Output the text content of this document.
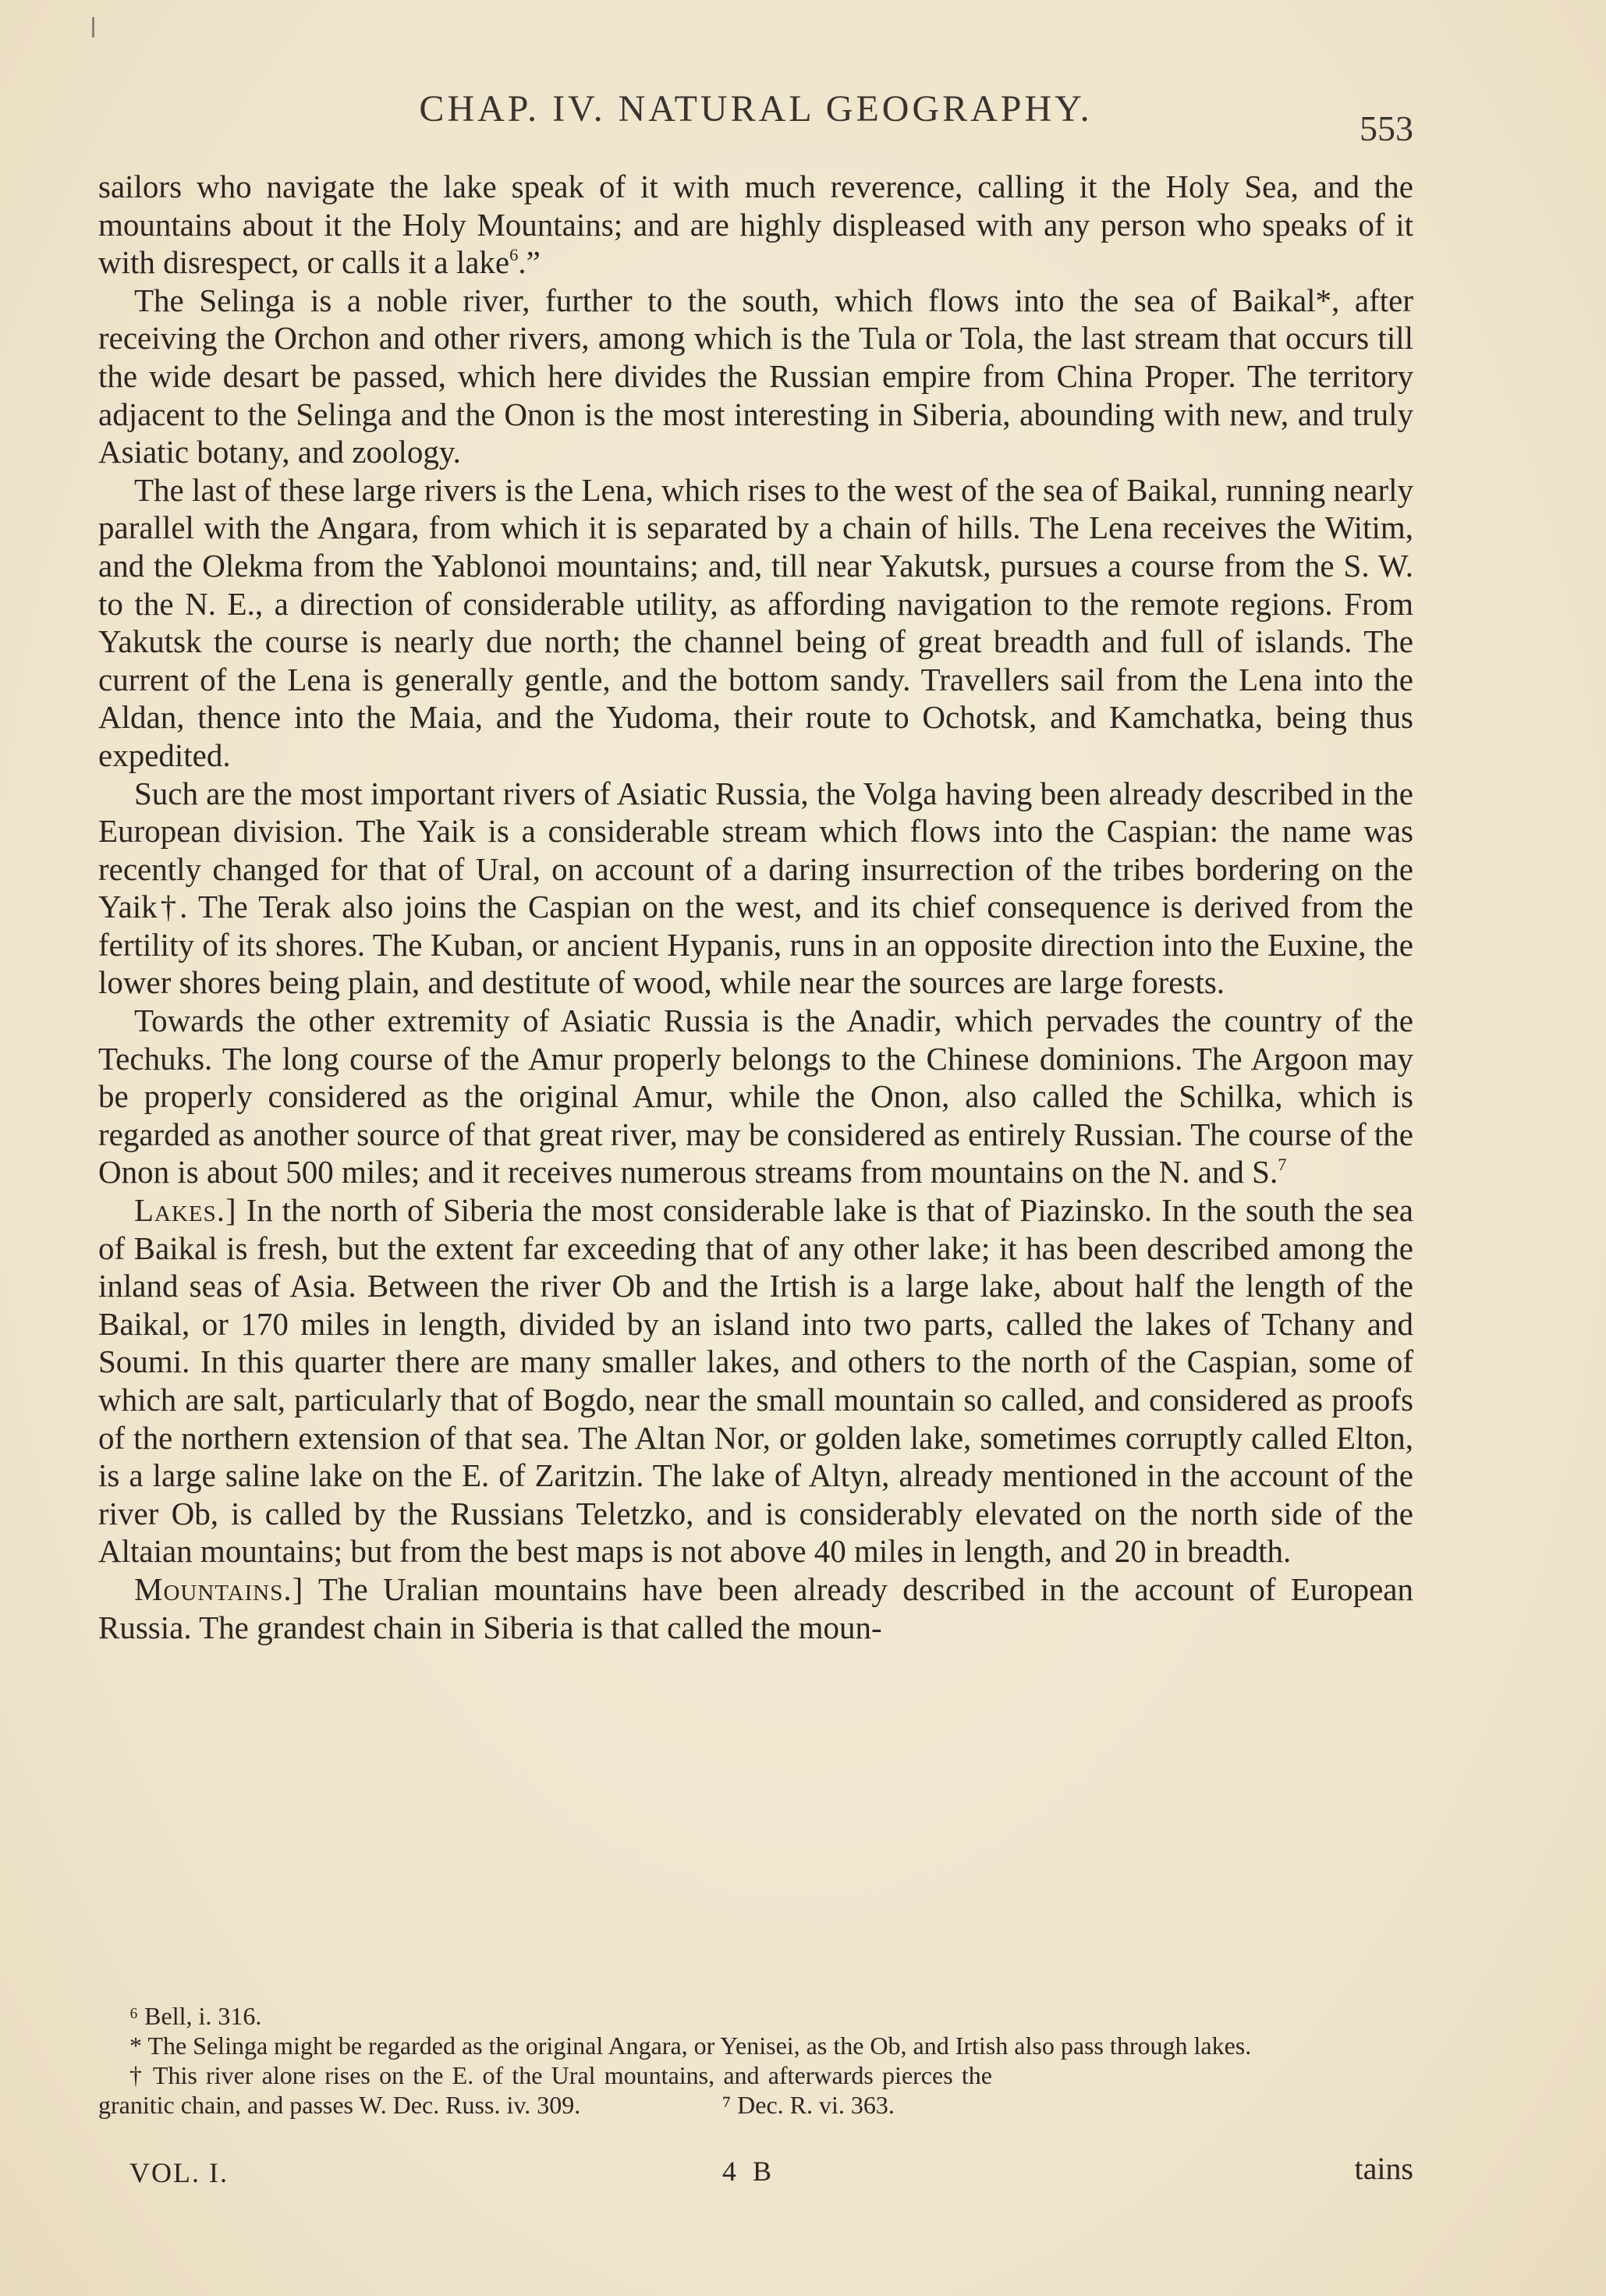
CHAP. IV. NATURAL GEOGRAPHY.	553

sailors who navigate the lake speak of it with much reverence, calling it the Holy Sea, and the mountains about it the Holy Mountains; and are highly displeased with any person who speaks of it with disrespect, or calls it a lake$^6$.”

The Selinga is a noble river, further to the south, which flows into the sea of Baikal*, after receiving the Orchon and other rivers, among which is the Tula or Tola, the last stream that occurs till the wide desart be passed, which here divides the Russian empire from China Proper. The territory adjacent to the Selinga and the Onon is the most interesting in Siberia, abounding with new, and truly Asiatic botany, and zoology.

The last of these large rivers is the Lena, which rises to the west of the sea of Baikal, running nearly parallel with the Angara, from which it is separated by a chain of hills. The Lena receives the Witim, and the Olekma from the Yablonoi mountains; and, till near Yakutsk, pursues a course from the S. W. to the N. E., a direction of considerable utility, as affording navigation to the remote regions. From Yakutsk the course is nearly due north; the channel being of great breadth and full of islands. The current of the Lena is generally gentle, and the bottom sandy. Travellers sail from the Lena into the Aldan, thence into the Maia, and the Yudoma, their route to Ochotsk, and Kamchatka, being thus expedited.

Such are the most important rivers of Asiatic Russia, the Volga having been already described in the European division. The Yaik is a considerable stream which flows into the Caspian: the name was recently changed for that of Ural, on account of a daring insurrection of the tribes bordering on the Yaik†. The Terak also joins the Caspian on the west, and its chief consequence is derived from the fertility of its shores. The Kuban, or ancient Hypanis, runs in an opposite direction into the Euxine, the lower shores being plain, and destitute of wood, while near the sources are large forests.

Towards the other extremity of Asiatic Russia is the Anadir, which pervades the country of the Techuks. The long course of the Amur properly belongs to the Chinese dominions. The Argoon may be properly considered as the original Amur, while the Onon, also called the Schilka, which is regarded as another source of that great river, may be considered as entirely Russian. The course of the Onon is about 500 miles; and it receives numerous streams from mountains on the N. and S.$^7$

Lakes.] In the north of Siberia the most considerable lake is that of Piazinsko. In the south the sea of Baikal is fresh, but the extent far exceeding that of any other lake; it has been described among the inland seas of Asia. Between the river Ob and the Irtish is a large lake, about half the length of the Baikal, or 170 miles in length, divided by an island into two parts, called the lakes of Tchany and Soumi. In this quarter there are many smaller lakes, and others to the north of the Caspian, some of which are salt, particularly that of Bogdo, near the small mountain so called, and considered as proofs of the northern extension of that sea. The Altan Nor, or golden lake, sometimes corruptly called Elton, is a large saline lake on the E. of Zaritzin. The lake of Altyn, already mentioned in the account of the river Ob, is called by the Russians Teletzko, and is considerably elevated on the north side of the Altaian mountains; but from the best maps is not above 40 miles in length, and 20 in breadth.

Mountains.] The Uralian mountains have been already described in the account of European Russia. The grandest chain in Siberia is that called the moun-

⁶ Bell, i. 316.

* The Selinga might be regarded as the original Angara, or Yenisei, as the Ob, and Irtish also pass through lakes.

† This river alone rises on the E. of the Ural mountains, and afterwards pierces the granitic chain, and passes W. Dec. Russ. iv. 309.	⁷ Dec. R. vi. 363.

VOL. I.	4 B	tains
